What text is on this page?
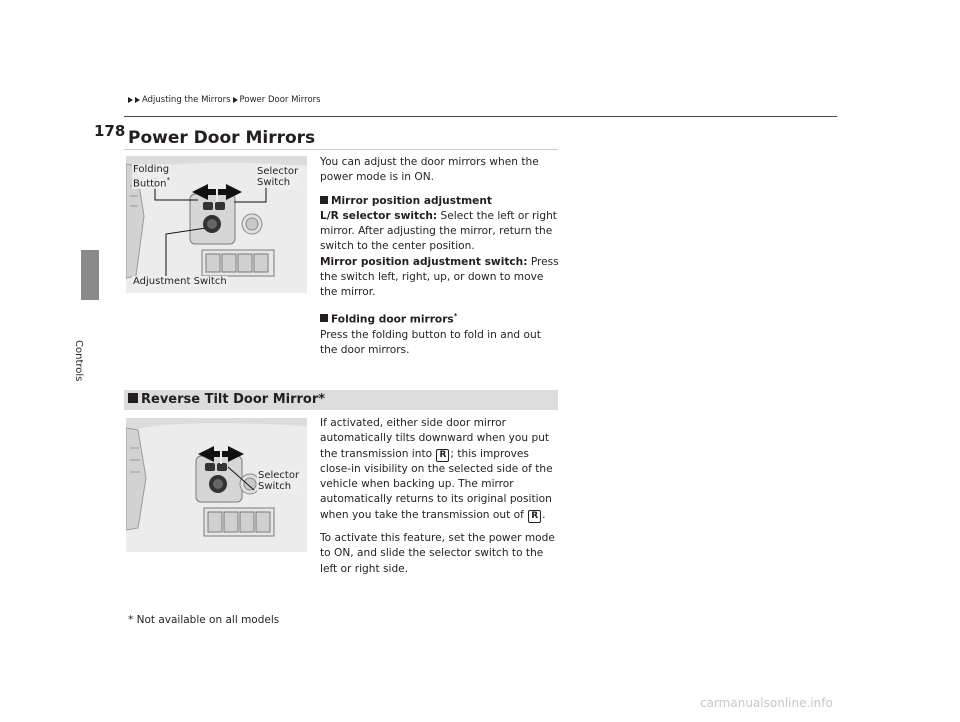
Controls
178
Adjusting the Mirrors Power Door Mirrors
Power Door Mirrors
Folding
Button*
Selector
Switch
Adjustment Switch

You can adjust the door mirrors when the power mode is in ON.

Mirror position adjustment

L/R selector switch: Select the left or right mirror. After adjusting the mirror, return the switch to the center position.

Mirror position adjustment switch: Press the switch left, right, up, or down to move the mirror.

Folding door mirrors*

Press the folding button to fold in and out the door mirrors.

Reverse Tilt Door Mirror*
Selector
Switch

If activated, either side door mirror automatically tilts downward when you put the transmission into R ; this improves close-in visibility on the selected side of the vehicle when backing up. The mirror automatically returns to its original position when you take the transmission out of R .

To activate this feature, set the power mode to ON, and slide the selector switch to the left or right side.

* Not available on all models
carmanualsonline.info
